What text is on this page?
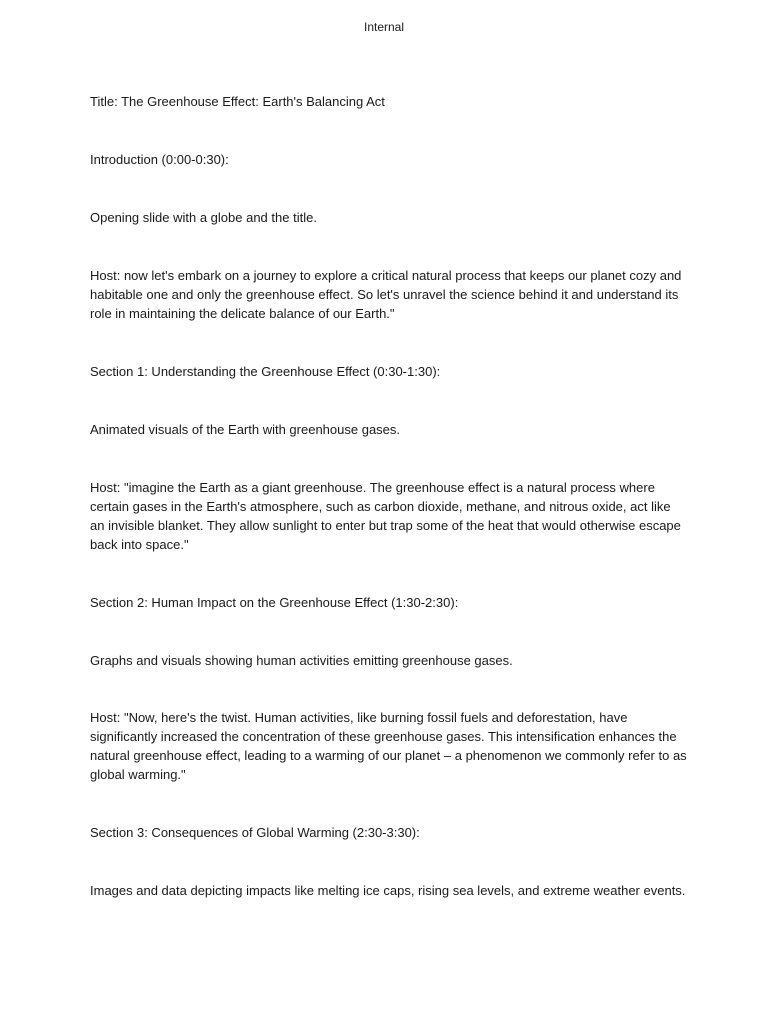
Internal

Title: The Greenhouse Effect: Earth's Balancing Act

Introduction (0:00-0:30):

Opening slide with a globe and the title.

Host: now let's embark on a journey to explore a critical natural process that keeps our planet cozy and habitable one and only the greenhouse effect. So let's unravel the science behind it and understand its role in maintaining the delicate balance of our Earth."

Section 1: Understanding the Greenhouse Effect (0:30-1:30):

Animated visuals of the Earth with greenhouse gases.

Host: "imagine the Earth as a giant greenhouse. The greenhouse effect is a natural process where certain gases in the Earth's atmosphere, such as carbon dioxide, methane, and nitrous oxide, act like an invisible blanket. They allow sunlight to enter but trap some of the heat that would otherwise escape back into space."

Section 2: Human Impact on the Greenhouse Effect (1:30-2:30):

Graphs and visuals showing human activities emitting greenhouse gases.

Host: "Now, here's the twist. Human activities, like burning fossil fuels and deforestation, have significantly increased the concentration of these greenhouse gases. This intensification enhances the natural greenhouse effect, leading to a warming of our planet – a phenomenon we commonly refer to as global warming."

Section 3: Consequences of Global Warming (2:30-3:30):

Images and data depicting impacts like melting ice caps, rising sea levels, and extreme weather events.
